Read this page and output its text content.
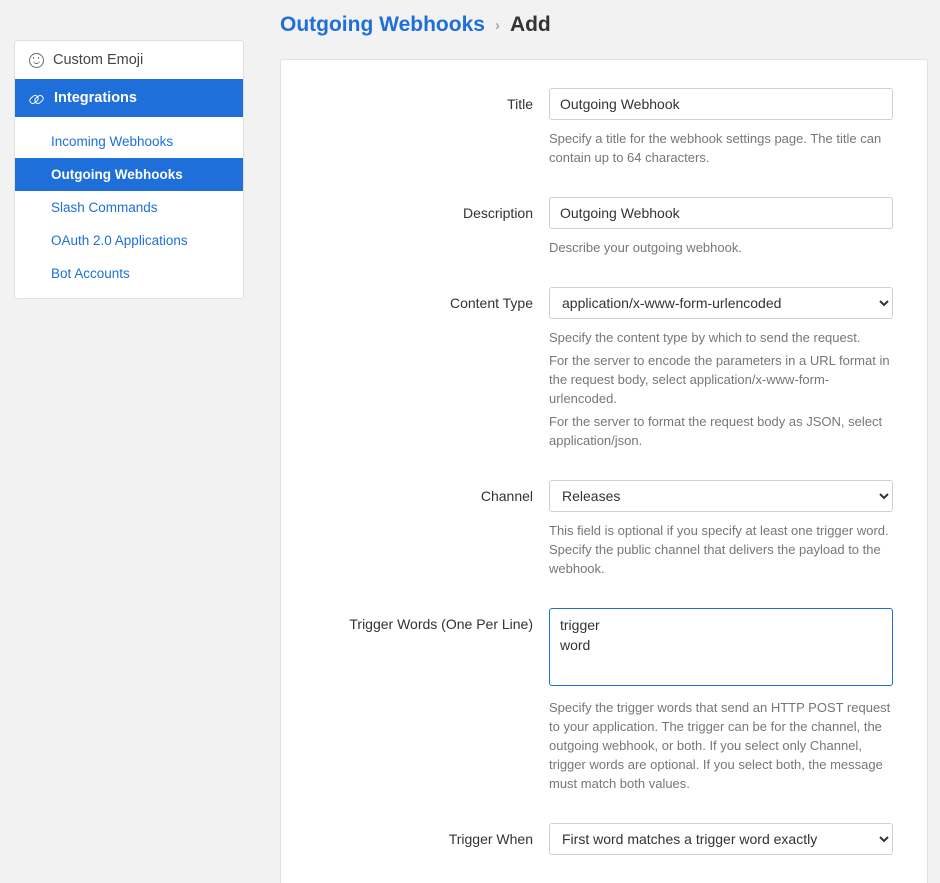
Custom Emoji
Integrations
Incoming Webhooks
Outgoing Webhooks
Slash Commands
OAuth 2.0 Applications
Bot Accounts
Outgoing Webhooks › Add
Title
Outgoing Webhook

Specify a title for the webhook settings page. The title can contain up to 64 characters.

Description
Outgoing Webhook

Describe your outgoing webhook.

Content Type
application/x-www-form-urlencoded

Specify the content type by which to send the request.

For the server to encode the parameters in a URL format in the request body, select application/x-www-form-urlencoded.

For the server to format the request body as JSON, select application/json.

Channel
Releases

This field is optional if you specify at least one trigger word. Specify the public channel that delivers the payload to the webhook.

Trigger Words (One Per Line)
trigger word

Specify the trigger words that send an HTTP POST request to your application. The trigger can be for the channel, the outgoing webhook, or both. If you select only Channel, trigger words are optional. If you select both, the message must match both values.

Trigger When
First word matches a trigger word exactly
